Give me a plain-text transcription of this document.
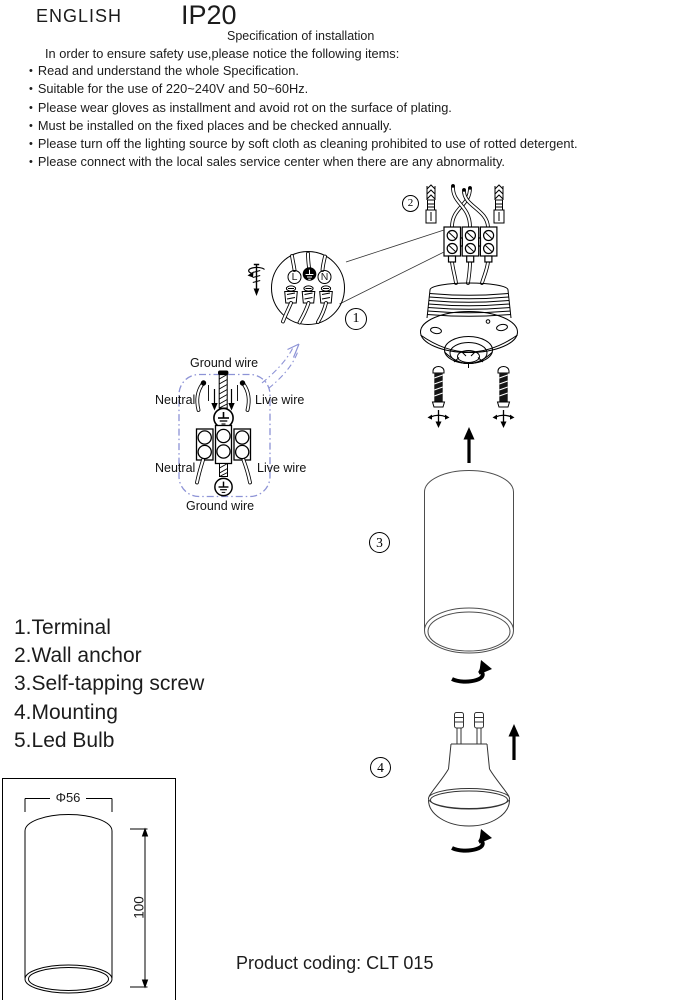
ENGLISH IP20
Specification of installation
In order to ensure safety use,please notice the following items:
• Read and understand the whole Specification.
• Suitable for the use of 220~240V and 50~60Hz.
• Please wear gloves as installment and avoid rot on the surface of plating.
• Must be installed on the fixed places and be checked annually.
• Please turn off the lighting source by soft cloth as cleaning prohibited to use of rotted detergent.
• Please connect with the local sales service center when there are any abnormality.
1
2
3
4
L N
Ground wire
Neutral	Live wire
Neutral	Live wire
Ground wire
1.Terminal
2.Wall anchor
3.Self-tapping screw
4.Mounting
5.Led Bulb
Φ56
100
Product coding: CLT 015
